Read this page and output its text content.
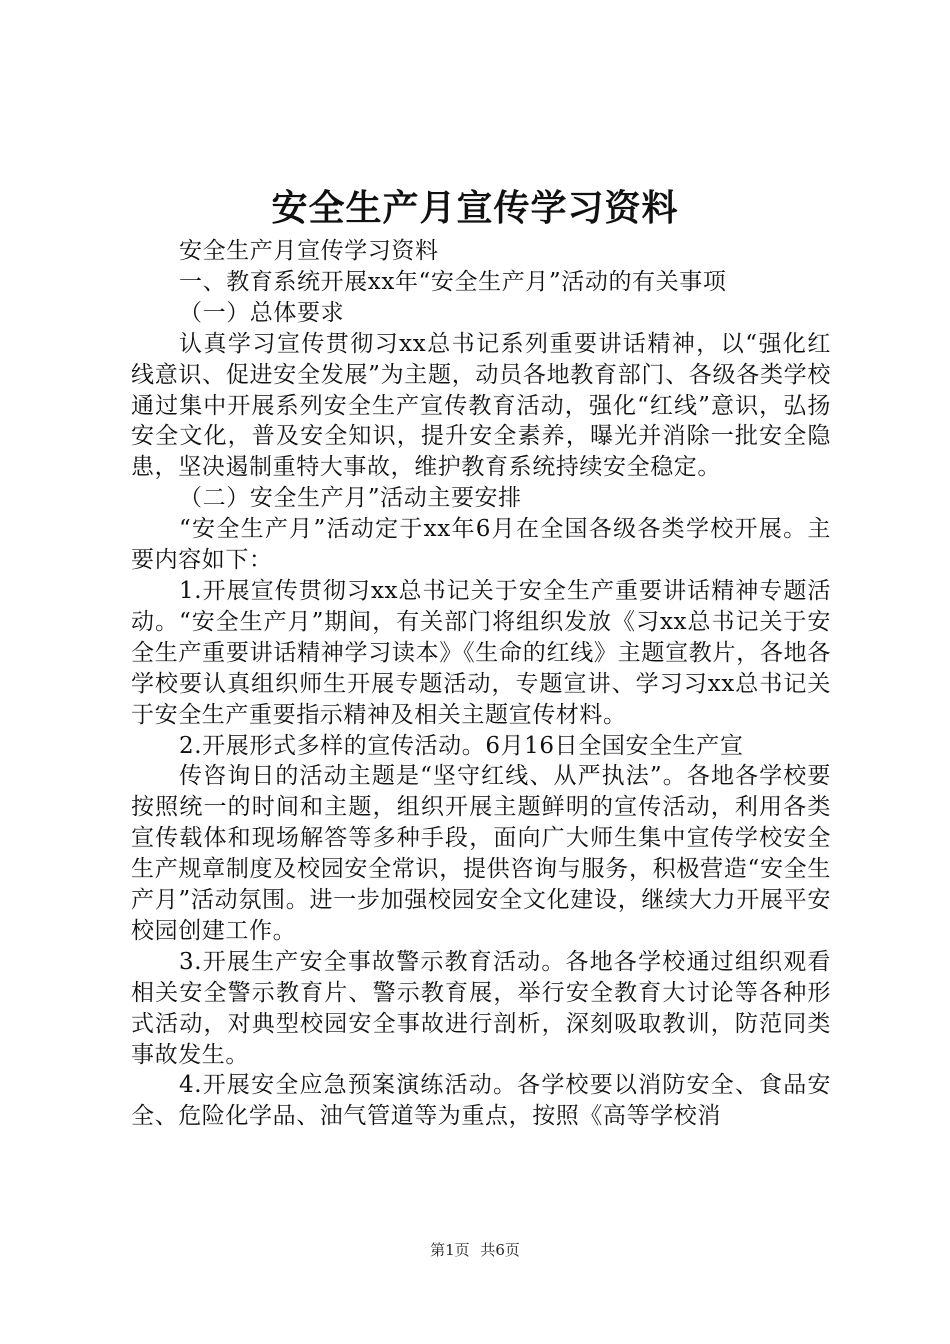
安全生产月宣传学习资料

安全生产月宣传学习资料

一、教育系统开展xx年“安全生产月”活动的有关事项

（一）总体要求

认真学习宣传贯彻习xx总书记系列重要讲话精神，以“强化红线意识、促进安全发展”为主题，动员各地教育部门、各级各类学校通过集中开展系列安全生产宣传教育活动，强化“红线”意识，弘扬安全文化，普及安全知识，提升安全素养，曝光并消除一批安全隐患，坚决遏制重特大事故，维护教育系统持续安全稳定。

（二）安全生产月”活动主要安排

“安全生产月”活动定于xx年6月在全国各级各类学校开展。主要内容如下：

1.开展宣传贯彻习xx总书记关于安全生产重要讲话精神专题活动。“安全生产月”期间，有关部门将组织发放《习xx总书记关于安全生产重要讲话精神学习读本》《生命的红线》主题宣教片，各地各学校要认真组织师生开展专题活动，专题宣讲、学习习xx总书记关于安全生产重要指示精神及相关主题宣传材料。

2.开展形式多样的宣传活动。6月16日全国安全生产宣

传咨询日的活动主题是“坚守红线、从严执法”。各地各学校要按照统一的时间和主题，组织开展主题鲜明的宣传活动，利用各类宣传载体和现场解答等多种手段，面向广大师生集中宣传学校安全生产规章制度及校园安全常识，提供咨询与服务，积极营造“安全生产月”活动氛围。进一步加强校园安全文化建设，继续大力开展平安校园创建工作。

3.开展生产安全事故警示教育活动。各地各学校通过组织观看相关安全警示教育片、警示教育展，举行安全教育大讨论等各种形式活动，对典型校园安全事故进行剖析，深刻吸取教训，防范同类事故发生。

4.开展安全应急预案演练活动。各学校要以消防安全、食品安全、危险化学品、油气管道等为重点，按照《高等学校消

第1页 共6页
